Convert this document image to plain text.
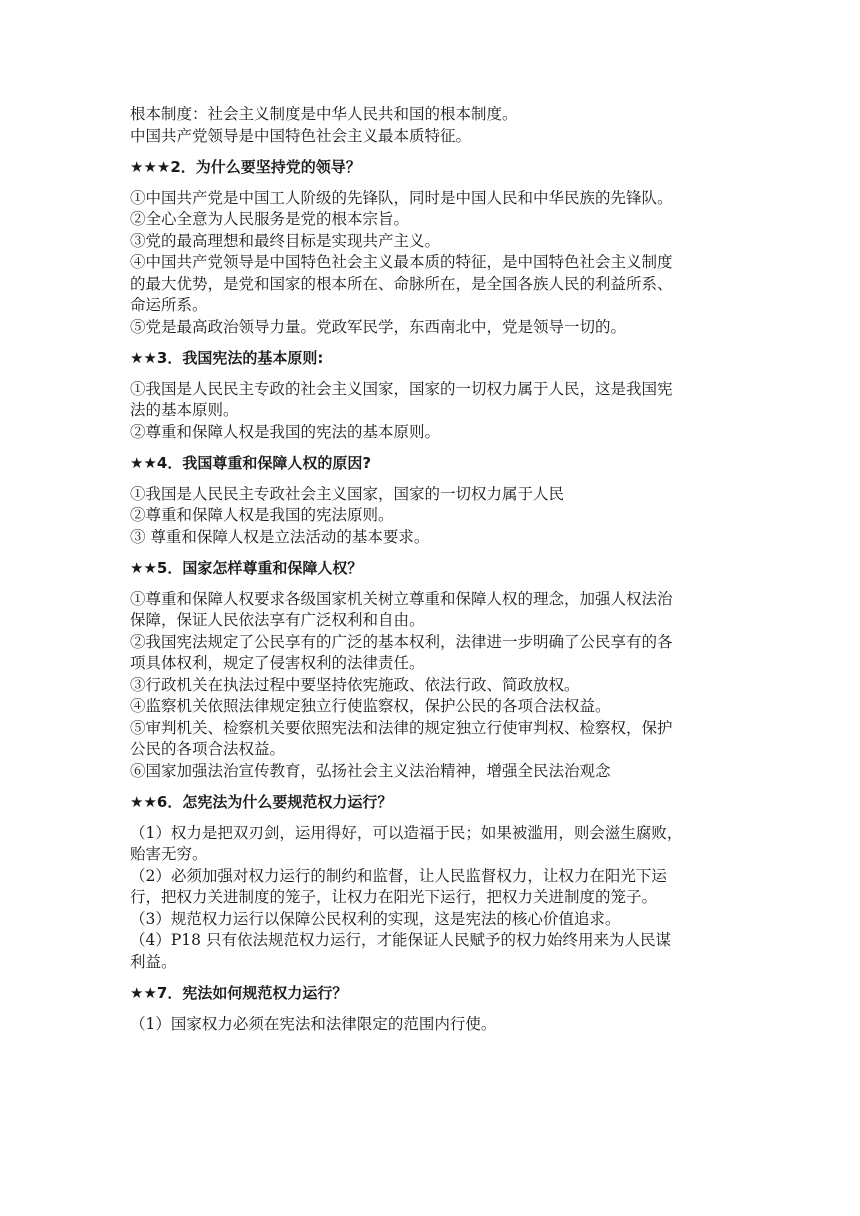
根本制度：社会主义制度是中华人民共和国的根本制度。
中国共产党领导是中国特色社会主义最本质特征。
★★★2．为什么要坚持党的领导？
①中国共产党是中国工人阶级的先锋队，同时是中国人民和中华民族的先锋队。
②全心全意为人民服务是党的根本宗旨。
③党的最高理想和最终目标是实现共产主义。
④中国共产党领导是中国特色社会主义最本质的特征，是中国特色社会主义制度
的最大优势，是党和国家的根本所在、命脉所在，是全国各族人民的利益所系、
命运所系。
⑤党是最高政治领导力量。党政军民学，东西南北中，党是领导一切的。
★★3．我国宪法的基本原则:
①我国是人民民主专政的社会主义国家，国家的一切权力属于人民，这是我国宪
法的基本原则。
②尊重和保障人权是我国的宪法的基本原则。
★★4．我国尊重和保障人权的原因?
①我国是人民民主专政社会主义国家，国家的一切权力属于人民
②尊重和保障人权是我国的宪法原则。
③ 尊重和保障人权是立法活动的基本要求。
★★5．国家怎样尊重和保障人权？
①尊重和保障人权要求各级国家机关树立尊重和保障人权的理念，加强人权法治
保障，保证人民依法享有广泛权利和自由。
②我国宪法规定了公民享有的广泛的基本权利，法律进一步明确了公民享有的各
项具体权利，规定了侵害权利的法律责任。
③行政机关在执法过程中要坚持依宪施政、依法行政、简政放权。
④监察机关依照法律规定独立行使监察权，保护公民的各项合法权益。
⑤审判机关、检察机关要依照宪法和法律的规定独立行使审判权、检察权，保护
公民的各项合法权益。
⑥国家加强法治宣传教育，弘扬社会主义法治精神，增强全民法治观念
★★6．怎宪法为什么要规范权力运行？
（1）权力是把双刃剑，运用得好，可以造福于民；如果被滥用，则会滋生腐败，
贻害无穷。
（2）必须加强对权力运行的制约和监督，让人民监督权力，让权力在阳光下运
行，把权力关进制度的笼子，让权力在阳光下运行，把权力关进制度的笼子。
（3）规范权力运行以保障公民权利的实现，这是宪法的核心价值追求。
（4）P18 只有依法规范权力运行，才能保证人民赋予的权力始终用来为人民谋
利益。
★★7．宪法如何规范权力运行？
（1）国家权力必须在宪法和法律限定的范围内行使。
